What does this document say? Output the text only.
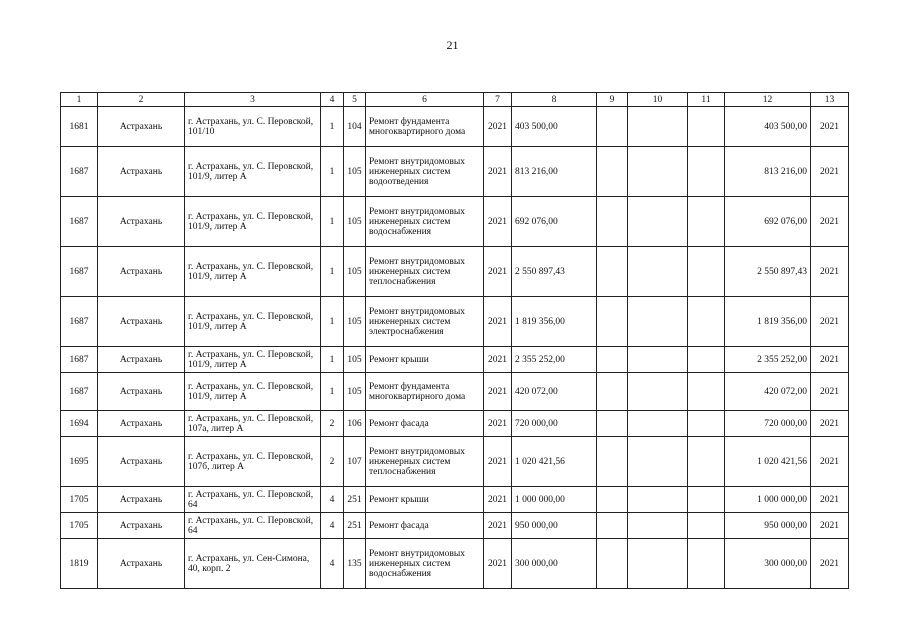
21
1	2	3	4	5	6	7	8	9	10	11	12	13
1681	Астрахань	г. Астрахань, ул. С. Перовской, 101/10	1	104	Ремонт фундамента многоквартирного дома	2021	403 500,00				403 500,00	2021
1687	Астрахань	г. Астрахань, ул. С. Перовской, 101/9, литер А	1	105	Ремонт внутридомовых инженерных систем водоотведения	2021	813 216,00				813 216,00	2021
1687	Астрахань	г. Астрахань, ул. С. Перовской, 101/9, литер А	1	105	Ремонт внутридомовых инженерных систем водоснабжения	2021	692 076,00				692 076,00	2021
1687	Астрахань	г. Астрахань, ул. С. Перовской, 101/9, литер А	1	105	Ремонт внутридомовых инженерных систем теплоснабжения	2021	2 550 897,43				2 550 897,43	2021
1687	Астрахань	г. Астрахань, ул. С. Перовской, 101/9, литер А	1	105	Ремонт внутридомовых инженерных систем электроснабжения	2021	1 819 356,00				1 819 356,00	2021
1687	Астрахань	г. Астрахань, ул. С. Перовской, 101/9, литер А	1	105	Ремонт крыши	2021	2 355 252,00				2 355 252,00	2021
1687	Астрахань	г. Астрахань, ул. С. Перовской, 101/9, литер А	1	105	Ремонт фундамента многоквартирного дома	2021	420 072,00				420 072,00	2021
1694	Астрахань	г. Астрахань, ул. С. Перовской, 107а, литер А	2	106	Ремонт фасада	2021	720 000,00				720 000,00	2021
1695	Астрахань	г. Астрахань, ул. С. Перовской, 107б, литер А	2	107	Ремонт внутридомовых инженерных систем теплоснабжения	2021	1 020 421,56				1 020 421,56	2021
1705	Астрахань	г. Астрахань, ул. С. Перовской, 64	4	251	Ремонт крыши	2021	1 000 000,00				1 000 000,00	2021
1705	Астрахань	г. Астрахань, ул. С. Перовской, 64	4	251	Ремонт фасада	2021	950 000,00				950 000,00	2021
1819	Астрахань	г. Астрахань, ул. Сен-Симона, 40, корп. 2	4	135	Ремонт внутридомовых инженерных систем водоснабжения	2021	300 000,00				300 000,00	2021
